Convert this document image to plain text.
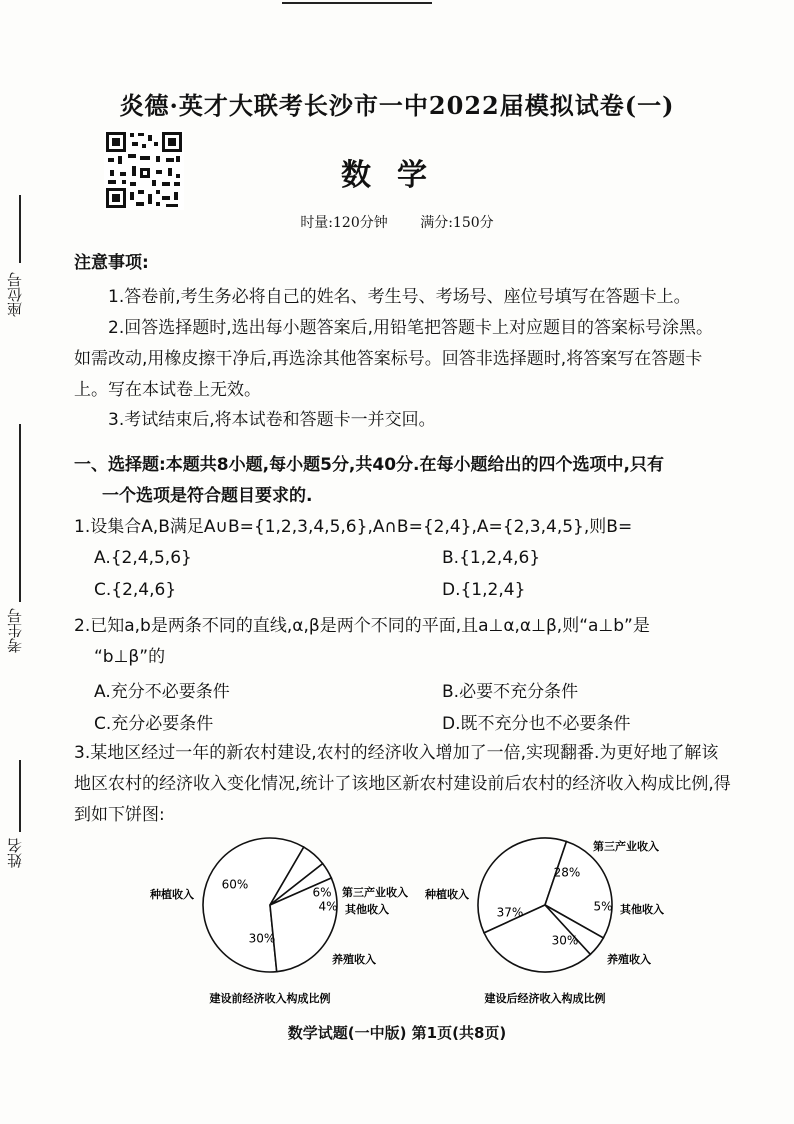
炎德·英才大联考长沙市一中2022届模拟试卷(一)
数学
时量:120分钟 满分:150分
座位号
考生号
姓名
注意事项:
1.答卷前,考生务必将自己的姓名、考生号、考场号、座位号填写在答题卡上。
2.回答选择题时,选出每小题答案后,用铅笔把答题卡上对应题目的答案标号涂黑。如需改动,用橡皮擦干净后,再选涂其他答案标号。回答非选择题时,将答案写在答题卡上。写在本试卷上无效。
3.考试结束后,将本试卷和答题卡一并交回。
一、选择题:本题共8小题,每小题5分,共40分.在每小题给出的四个选项中,只有
一个选项是符合题目要求的.
1.设集合A,B满足A∪B={1,2,3,4,5,6},A∩B={2,4},A={2,3,4,5},则B=
A.{2,4,5,6}	B.{1,2,4,6}
C.{2,4,6}	D.{1,2,4}
2.已知a,b是两条不同的直线,α,β是两个不同的平面,且a⊥α,α⊥β,则“a⊥b”是
“b⊥β”的
A.充分不必要条件	B.必要不充分条件
C.充分必要条件	D.既不充分也不必要条件
3.某地区经过一年的新农村建设,农村的经济收入增加了一倍,实现翻番.为更好地了解该地区农村的经济收入变化情况,统计了该地区新农村建设前后农村的经济收入构成比例,得到如下饼图:
60%
6%
4%
30%
种植收入	第三产业收入
其他收入
养殖收入
建设前经济收入构成比例
37%
28%
5%
30%
种植收入
第三产业收入
其他收入
养殖收入
建设后经济收入构成比例
数学试题(一中版) 第1页(共8页)
